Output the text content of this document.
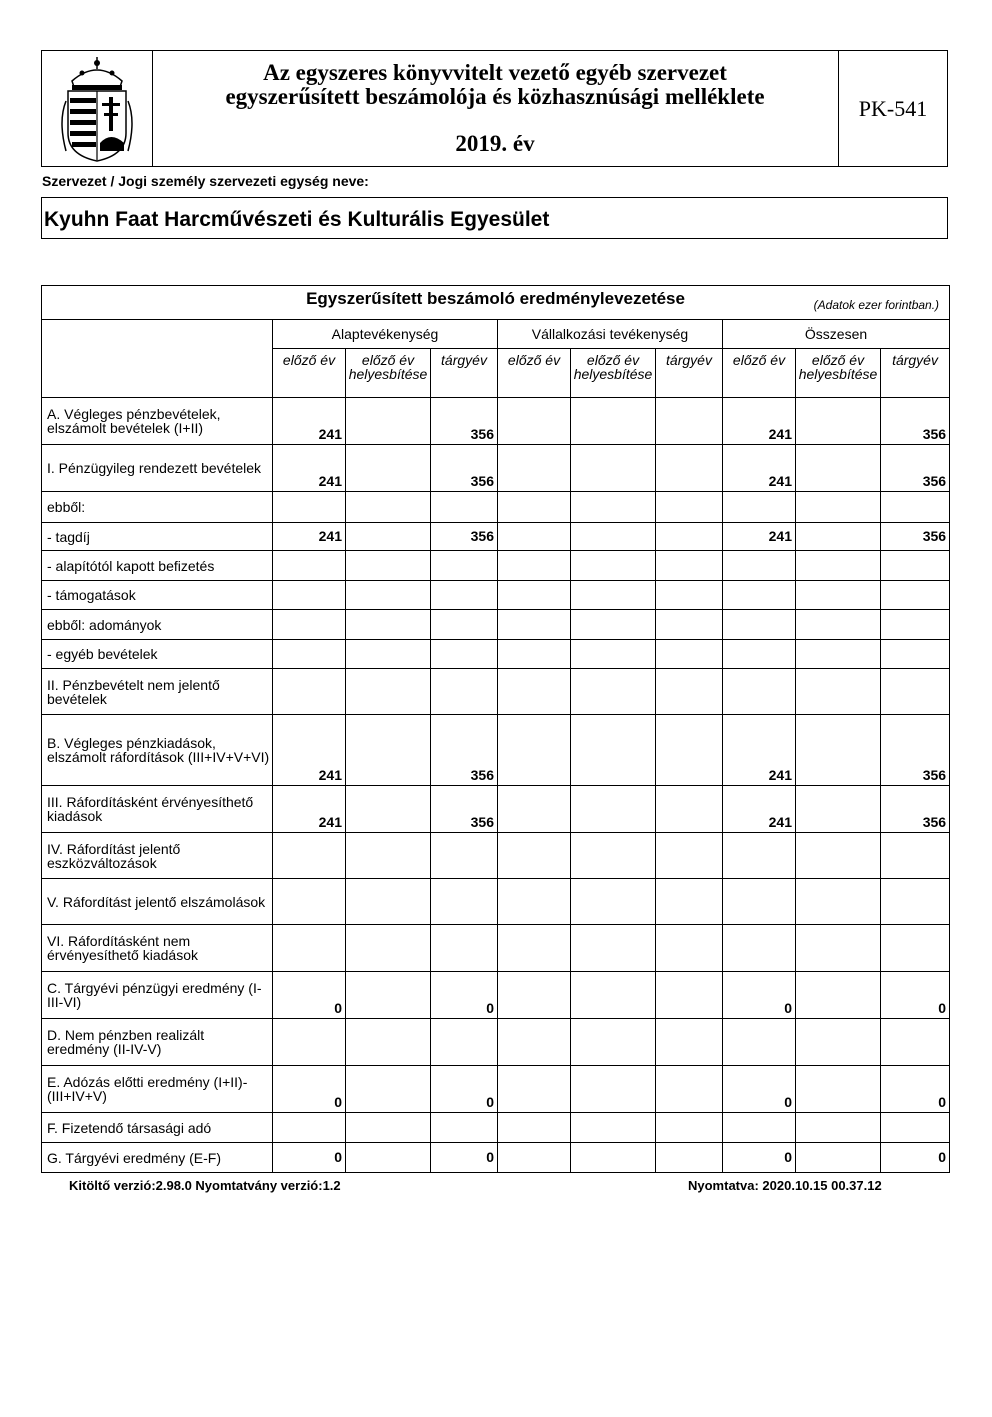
Az egyszeres könyvvitelt vezető egyéb szervezet
egyszerűsített beszámolója és közhasznúsági melléklete
2019. év
PK-541
Szervezet / Jogi személy szervezeti egység neve:
Kyuhn Faat Harcművészeti és Kulturális Egyesület
Egyszerűsített beszámoló eredménylevezetése (Adatok ezer forintban.)									

	Alaptevékenység			Vállalkozási tevékenység			Összesen		
	előző év	előző év helyesbítése	tárgyév	előző év	előző év helyesbítése	tárgyév	előző év	előző év helyesbítése	tárgyév
A. Végleges pénzbevételek, elszámolt bevételek (I+II)	241		356				241		356
I. Pénzügyileg rendezett bevételek	241		356				241		356
ebből:									
- tagdíj	241		356				241		356
- alapítótól kapott befizetés									
- támogatások									
ebből: adományok									
- egyéb bevételek									
II. Pénzbevételt nem jelentő bevételek									
B. Végleges pénzkiadások, elszámolt ráfordítások (III+IV+V+VI)	241		356				241		356
III. Ráfordításként érvényesíthető kiadások	241		356				241		356
IV. Ráfordítást jelentő eszközváltozások									
V. Ráfordítást jelentő elszámolások									
VI. Ráfordításként nem érvényesíthető kiadások									
C. Tárgyévi pénzügyi eredmény (I-III-VI)	0		0				0		0
D. Nem pénzben realizált eredmény (II-IV-V)									
E. Adózás előtti eredmény (I+II)-(III+IV+V)	0		0				0		0
F. Fizetendő társasági adó									
G. Tárgyévi eredmény (E-F)	0		0				0		0
Kitöltő verzió:2.98.0 Nyomtatvány verzió:1.2	Nyomtatva: 2020.10.15 00.37.12
